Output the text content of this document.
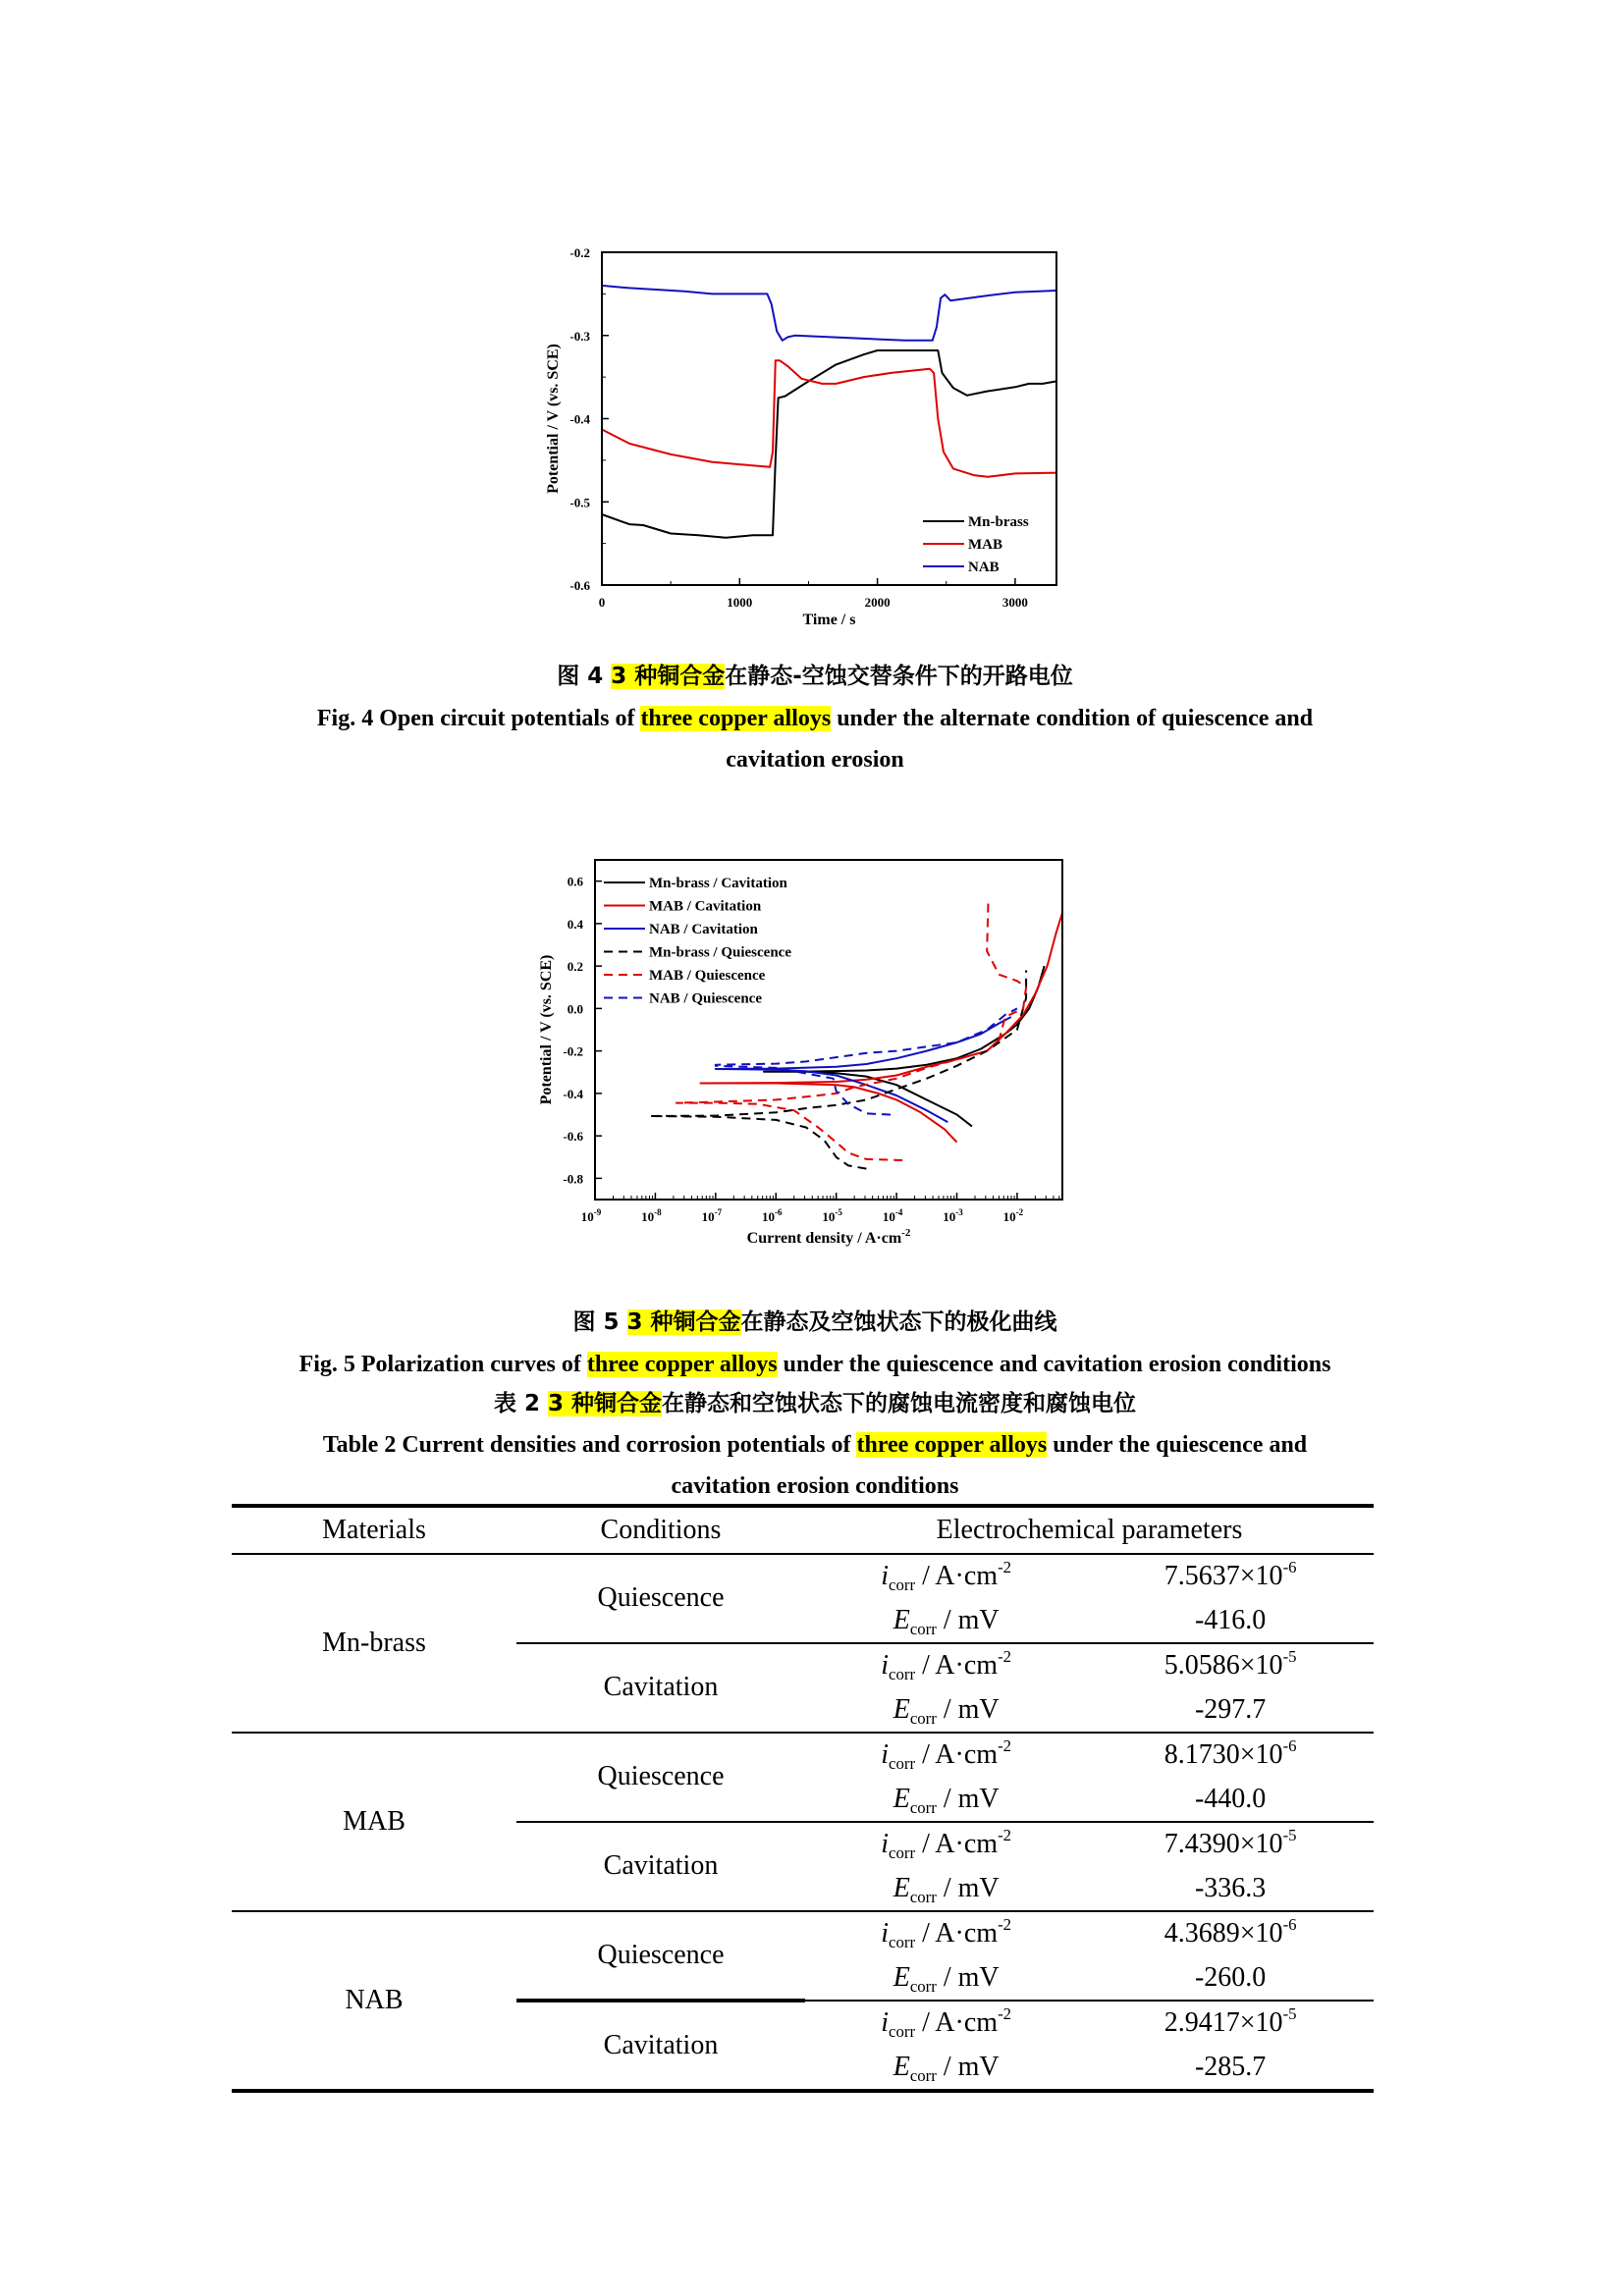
-0.2
-0.3
-0.4
-0.5
-0.6
0	1000	2000	3000
Time / s
Potential / V (vs. SCE)
Mn-brass
MAB
NAB
0.6
0.4
0.2
0.0
-0.2
-0.4
-0.6
-0.8
$10^{-9}$	$10^{-8}$	$10^{-7}$	$10^{-6}$	$10^{-5}$	$10^{-4}$	$10^{-3}$	$10^{-2}$
Current density / $A\cdot cm^{-2}$
Potential / V (vs. SCE)
Mn-brass / Cavitation
MAB / Cavitation
NAB / Cavitation
Mn-brass / Quiescence
MAB / Quiescence
NAB / Quiescence
图 4 3 种铜合金在静态-空蚀交替条件下的开路电位
Fig. 4 Open circuit potentials of three copper alloys under the alternate condition of quiescence and cavitation erosion
图 5 3 种铜合金在静态及空蚀状态下的极化曲线
Fig. 5 Polarization curves of three copper alloys under the quiescence and cavitation erosion conditions
表 2 3 种铜合金在静态和空蚀状态下的腐蚀电流密度和腐蚀电位
Table 2 Current densities and corrosion potentials of three copper alloys under the quiescence and cavitation erosion conditions
Materials	Conditions	Electrochemical parameters	
Mn-brass	Quiescence	$i_{corr} / A\cdot cm^{-2}$	$7.5637\times 10^{-6}$
		$E_{corr}$ / mV	-416.0
	Cavitation	$i_{corr} / A\cdot cm^{-2}$	$5.0586\times 10^{-5}$
		$E_{corr}$ / mV	-297.7
MAB	Quiescence	$i_{corr} / A\cdot cm^{-2}$	$8.1730\times 10^{-6}$
		$E_{corr}$ / mV	-440.0
	Cavitation	$i_{corr} / A\cdot cm^{-2}$	$7.4390\times 10^{-5}$
		$E_{corr}$ / mV	-336.3
NAB	Quiescence	$i_{corr} / A\cdot cm^{-2}$	$4.3689\times 10^{-6}$
		$E_{corr}$ / mV	-260.0
	Cavitation	$i_{corr} / A\cdot cm^{-2}$	$2.9417\times 10^{-5}$
		$E_{corr}$ / mV	-285.7
